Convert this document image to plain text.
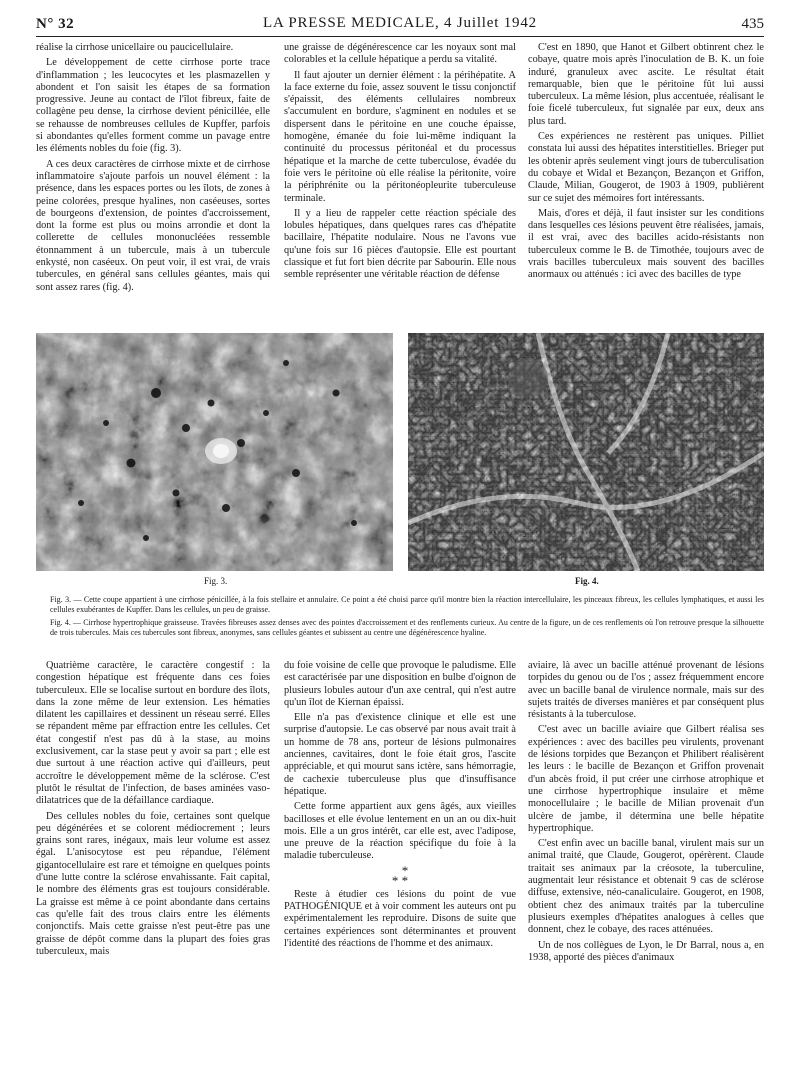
N° 32	LA PRESSE MEDICALE, 4 Juillet 1942	435

réalise la cirrhose unicellaire ou paucicellulaire.

Le développement de cette cirrhose porte trace d'inflammation ; les leucocytes et les plasmazellen y abondent et l'on saisit les étapes de sa formation progressive. Jeune au contact de l'îlot fibreux, faite de collagène peu dense, la cirrhose devient pénicillée, elle se rehausse de nombreuses cellules de Kupffer, parfois si abondantes qu'elles forment comme un pavage entre les éléments nobles du foie (fig. 3).

A ces deux caractères de cirrhose mixte et de cirrhose inflammatoire s'ajoute parfois un nouvel élément : la présence, dans les espaces portes ou les îlots, de zones à peine colorées, presque hyalines, non caséeuses, sortes de bourgeons d'extension, de pointes d'accroissement, dont la forme est plus ou moins arrondie et dont la collerette de cellules mononucléées ressemble étonnamment à un tubercule, mais à un tubercule enkysté, non caséeux. On peut voir, il est vrai, de vrais tubercules, en général sans cellules géantes, mais qui sont assez rares (fig. 4).

une graisse de dégénérescence car les noyaux sont mal colorables et la cellule hépatique a perdu sa vitalité.

Il faut ajouter un dernier élément : la périhépatite. A la face externe du foie, assez souvent le tissu conjonctif s'épaissit, des éléments cellulaires nombreux s'accumulent en bordure, s'agminent en nodules et se dispersent dans le péritoine en une couche épaisse, homogène, émanée du foie lui-même indiquant la continuité du processus péritonéal et du processus hépatique et la marche de cette tuberculose, évadée du foie vers le péritoine où elle réalise la péritonite, voire la périphrénite ou la péritonéopleurite tuberculeuse terminale.

Il y a lieu de rappeler cette réaction spéciale des lobules hépatiques, dans quelques rares cas d'hépatite bacillaire, l'hépatite nodulaire. Nous ne l'avons vue qu'une fois sur 16 pièces d'autopsie. Elle est pourtant classique et fut fort bien décrite par Sabourin. Elle nous semble représenter une véritable réaction de défense

C'est en 1890, que Hanot et Gilbert obtinrent chez le cobaye, quatre mois après l'inoculation de B. K. un foie induré, granuleux avec ascite. Le résultat était remarquable, bien que le péritoine fût lui aussi tuberculeux. La même lésion, plus accentuée, réalisant le foie ficelé tuberculeux, fut signalée par eux, deux ans plus tard.

Ces expériences ne restèrent pas uniques. Pilliet constata lui aussi des hépatites interstitielles. Brieger put les obtenir après seulement vingt jours de tuberculisation du cobaye et Widal et Bezançon, Bezançon et Griffon, Claude, Milian, Gougerot, de 1903 à 1909, publièrent sur ce sujet des mémoires fort intéressants.

Mais, d'ores et déjà, il faut insister sur les conditions dans lesquelles ces lésions peuvent être réalisées, jamais, il est vrai, avec des bacilles acido-résistants non tuberculeux comme le B. de Timothée, toujours avec de vrais bacilles tuberculeux mais souvent des bacilles anormaux ou atténués : ici avec des bacilles de type

Fig. 3.	Fig. 4.
Fig. 3. — Cette coupe appartient à une cirrhose pénicillée, à la fois stellaire et annulaire. Ce point a été choisi parce qu'il montre bien la réaction intercellulaire, les pinceaux fibreux, les cellules lymphatiques, et aussi les cellules exubérantes de Kupffer. Dans les cellules, un peu de graisse.
Fig. 4. — Cirrhose hypertrophique graisseuse. Travées fibreuses assez denses avec des pointes d'accroissement et des renflements curieux. Au centre de la figure, un de ces renflements où l'on retrouve presque la silhouette de trois tubercules. Mais ces tubercules sont fibreux, anonymes, sans cellules géantes et subissent au centre une dégénérescence hyaline.

Quatrième caractère, le caractère congestif : la congestion hépatique est fréquente dans ces foies tuberculeux. Elle se localise surtout en bordure des îlots, dans la zone même de leur extension. Les hématies dilatent les capillaires et dessinent un réseau serré. Elles se répandent même par effraction entre les cellules. Cet état congestif n'est pas dû à la stase, au moins exclusivement, car la stase peut y avoir sa part ; elle est due surtout à une réaction active qui d'ailleurs, peut accroître le développement même de la sclérose. C'est plutôt le résultat de l'infection, de bases aminées vaso-dilatatrices que de la défaillance cardiaque.

Des cellules nobles du foie, certaines sont quelque peu dégénérées et se colorent médiocrement ; leurs grains sont rares, inégaux, mais leur volume est assez égal. L'anisocytose est peu répandue, l'élément gigantocellulaire est rare et témoigne en quelques points d'une lutte contre la sclérose envahissante. Fait capital, le nombre des éléments gras est toujours considérable. La graisse est même à ce point abondante dans certains cas qu'elle fait des trous clairs entre les éléments conjonctifs. Mais cette graisse n'est peut-être pas une graisse de dépôt comme dans la plupart des foies gras tuberculeux, mais

du foie voisine de celle que provoque le paludisme. Elle est caractérisée par une disposition en bulbe d'oignon de plusieurs lobules autour d'un axe central, qui n'est autre qu'un îlot de Kiernan épaissi.

Elle n'a pas d'existence clinique et elle est une surprise d'autopsie. Le cas observé par nous avait trait à un homme de 78 ans, porteur de lésions pulmonaires anciennes, cavitaires, dont le foie était gros, l'ascite appréciable, et qui mourut sans ictère, sans hémorragie, de cachexie tuberculeuse plus que d'insuffisance hépatique.

Cette forme appartient aux gens âgés, aux vieilles bacilloses et elle évolue lentement en un an ou dix-huit mois. Elle a un gros intérêt, car elle est, avec l'adipose, une preuve de la réaction spécifique du foie à la maladie tuberculeuse.

*
* *

Reste à étudier ces lésions du point de vue PATHOGÉNIQUE et à voir comment les auteurs ont pu expérimentalement les reproduire. Disons de suite que certaines expériences sont déterminantes et prouvent l'identité des réactions de l'homme et des animaux.

aviaire, là avec un bacille atténué provenant de lésions torpides du genou ou de l'os ; assez fréquemment encore avec un bacille banal de virulence normale, mais sur des sujets traités de diverses manières et par conséquent plus résistants à la tuberculose.

C'est avec un bacille aviaire que Gilbert réalisa ses expériences : avec des bacilles peu virulents, provenant de lésions torpides que Bezançon et Philibert réalisèrent les leurs : le bacille de Bezançon et Griffon provenait d'un abcès froid, il put créer une cirrhose atrophique et une cirrhose hypertrophique insulaire et même monocellulaire ; le bacille de Milian provenait d'un ulcère de jambe, il détermina une belle hépatite hypertrophique.

C'est enfin avec un bacille banal, virulent mais sur un animal traité, que Claude, Gougerot, opérèrent. Claude traitait ses animaux par la créosote, la tuberculine, augmentait leur résistance et obtenait 9 cas de sclérose diffuse, extensive, néo-canaliculaire. Gougerot, en 1908, obtient chez des animaux traités par la tuberculine plusieurs exemples d'hépatites analogues à celles que donnent, chez le cobaye, des races atténuées.

Un de nos collègues de Lyon, le Dr Barral, nous a, en 1938, apporté des pièces d'animaux
